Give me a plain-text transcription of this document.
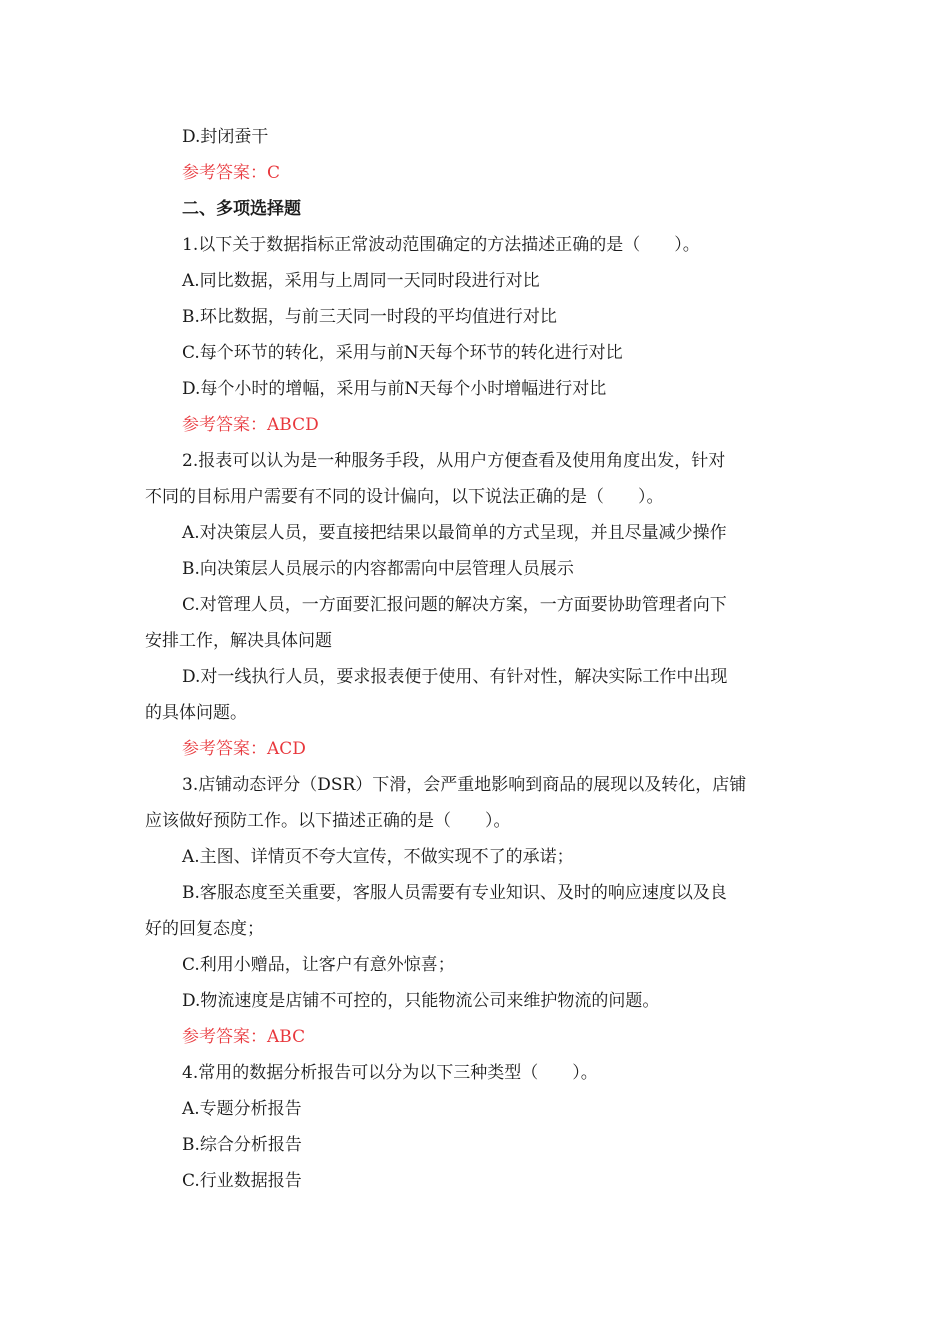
D.封闭蚕干
参考答案：C
二、多项选择题
1.以下关于数据指标正常波动范围确定的方法描述正确的是（　　）。
A.同比数据，采用与上周同一天同时段进行对比
B.环比数据，与前三天同一时段的平均值进行对比
C.每个环节的转化，采用与前N天每个环节的转化进行对比
D.每个小时的增幅，采用与前N天每个小时增幅进行对比
参考答案：ABCD
2.报表可以认为是一种服务手段，从用户方便查看及使用角度出发，针对
不同的目标用户需要有不同的设计偏向，以下说法正确的是（　　）。
A.对决策层人员，要直接把结果以最简单的方式呈现，并且尽量减少操作
B.向决策层人员展示的内容都需向中层管理人员展示
C.对管理人员，一方面要汇报问题的解决方案，一方面要协助管理者向下
安排工作，解决具体问题
D.对一线执行人员，要求报表便于使用、有针对性，解决实际工作中出现
的具体问题。
参考答案：ACD
3.店铺动态评分（DSR）下滑，会严重地影响到商品的展现以及转化，店铺
应该做好预防工作。以下描述正确的是（　　）。
A.主图、详情页不夸大宣传，不做实现不了的承诺；
B.客服态度至关重要，客服人员需要有专业知识、及时的响应速度以及良
好的回复态度；
C.利用小赠品，让客户有意外惊喜；
D.物流速度是店铺不可控的，只能物流公司来维护物流的问题。
参考答案：ABC
4.常用的数据分析报告可以分为以下三种类型（　　）。
A.专题分析报告
B.综合分析报告
C.行业数据报告
